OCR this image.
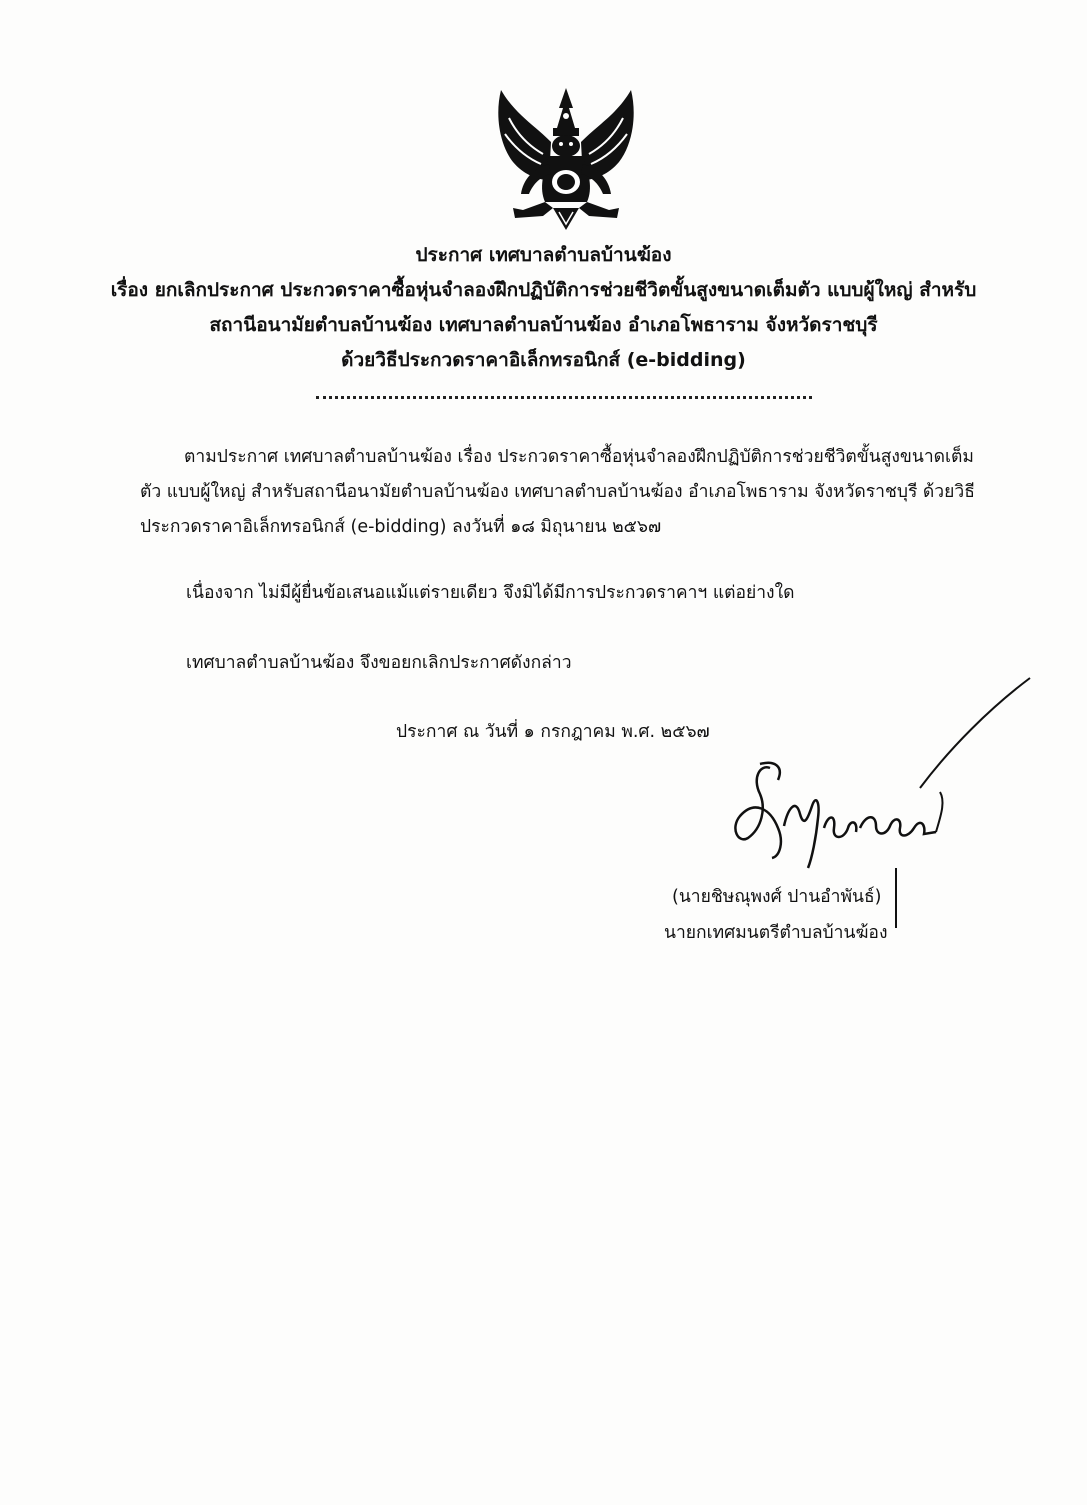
ประกาศ เทศบาลตำบลบ้านฆ้อง
เรื่อง ยกเลิกประกาศ ประกวดราคาซื้อหุ่นจำลองฝึกปฏิบัติการช่วยชีวิตขั้นสูงขนาดเต็มตัว แบบผู้ใหญ่ สำหรับ
สถานีอนามัยตำบลบ้านฆ้อง เทศบาลตำบลบ้านฆ้อง อำเภอโพธาราม จังหวัดราชบุรี
ด้วยวิธีประกวดราคาอิเล็กทรอนิกส์ (e-bidding)
ตามประกาศ เทศบาลตำบลบ้านฆ้อง เรื่อง ประกวดราคาซื้อหุ่นจำลองฝึกปฏิบัติการช่วยชีวิตขั้นสูงขนาดเต็ม
ตัว แบบผู้ใหญ่ สำหรับสถานีอนามัยตำบลบ้านฆ้อง เทศบาลตำบลบ้านฆ้อง อำเภอโพธาราม จังหวัดราชบุรี ด้วยวิธี
ประกวดราคาอิเล็กทรอนิกส์ (e-bidding) ลงวันที่ ๑๘ มิถุนายน ๒๕๖๗
เนื่องจาก ไม่มีผู้ยื่นข้อเสนอแม้แต่รายเดียว จึงมิได้มีการประกวดราคาฯ แต่อย่างใด
เทศบาลตำบลบ้านฆ้อง จึงขอยกเลิกประกาศดังกล่าว
ประกาศ ณ วันที่ ๑ กรกฎาคม พ.ศ. ๒๕๖๗
(นายชิษณุพงศ์ ปานอำพันธ์)
นายกเทศมนตรีตำบลบ้านฆ้อง
